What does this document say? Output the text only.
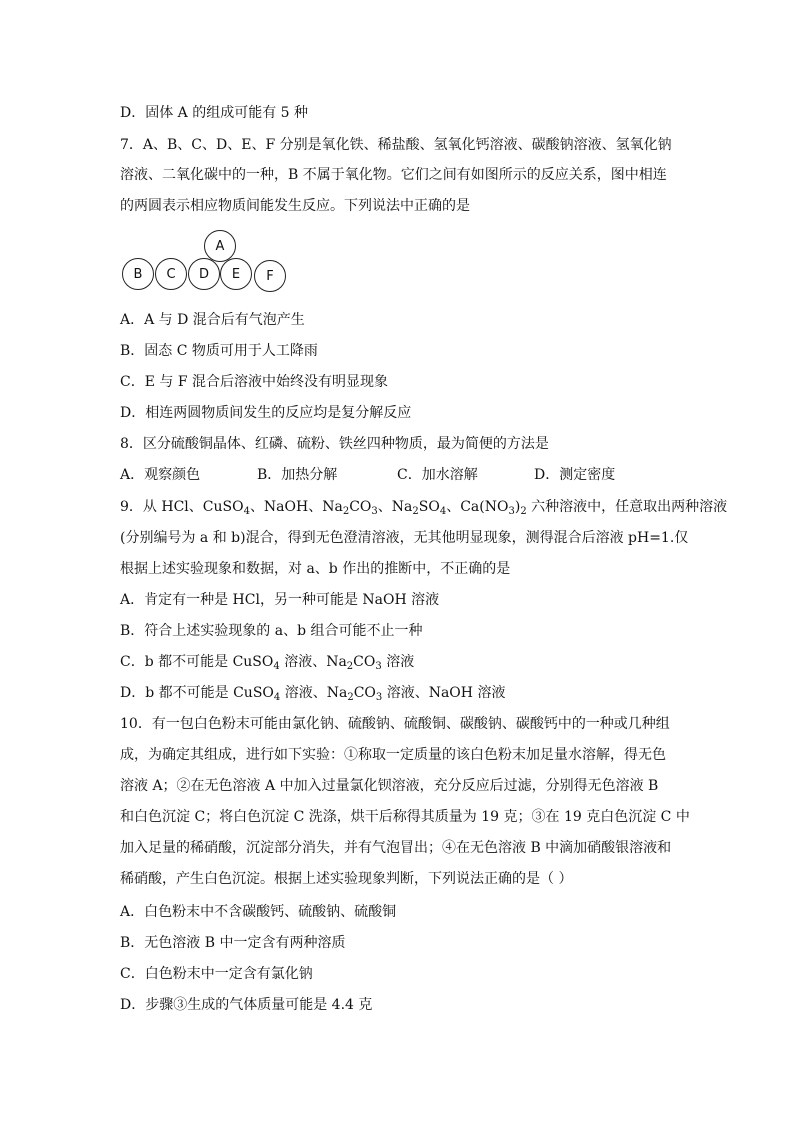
D．固体 A 的组成可能有 5 种
7．A、B、C、D、E、F 分别是氧化铁、稀盐酸、氢氧化钙溶液、碳酸钠溶液、氢氧化钠
溶液、二氧化碳中的一种，B 不属于氧化物。它们之间有如图所示的反应关系，图中相连
的两圆表示相应物质间能发生反应。下列说法中正确的是
A
B	C	D	E	F
A．A 与 D 混合后有气泡产生
B．固态 C 物质可用于人工降雨
C．E 与 F 混合后溶液中始终没有明显现象
D．相连两圆物质间发生的反应均是复分解反应
8．区分硫酸铜晶体、红磷、硫粉、铁丝四种物质，最为简便的方法是
A．观察颜色	B．加热分解	C．加水溶解	D．测定密度
9．从 HCl、CuSO$_4$、NaOH、$Na_2CO_3$、$Na_2SO_4$、$Ca(NO_3)_2$ 六种溶液中，任意取出两种溶液
(分别编号为 a 和 b)混合，得到无色澄清溶液，无其他明显现象，测得混合后溶液 pH=1.仅
根据上述实验现象和数据，对 a、b 作出的推断中，不正确的是
A．肯定有一种是 HCl，另一种可能是 NaOH 溶液
B．符合上述实验现象的 a、b 组合可能不止一种
C．b 都不可能是 CuSO$_4$ 溶液、$Na_2CO_3$ 溶液
D．b 都不可能是 CuSO$_4$ 溶液、$Na_2CO_3$ 溶液、NaOH 溶液
10．有一包白色粉末可能由氯化钠、硫酸钠、硫酸铜、碳酸钠、碳酸钙中的一种或几种组
成，为确定其组成，进行如下实验：①称取一定质量的该白色粉末加足量水溶解，得无色
溶液 A；②在无色溶液 A 中加入过量氯化钡溶液，充分反应后过滤，分别得无色溶液 B
和白色沉淀 C；将白色沉淀 C 洗涤，烘干后称得其质量为 19 克；③在 19 克白色沉淀 C 中
加入足量的稀硝酸，沉淀部分消失，并有气泡冒出；④在无色溶液 B 中滴加硝酸银溶液和
稀硝酸，产生白色沉淀。根据上述实验现象判断，下列说法正确的是（ ）
A．白色粉末中不含碳酸钙、硫酸钠、硫酸铜
B．无色溶液 B 中一定含有两种溶质
C．白色粉末中一定含有氯化钠
D．步骤③生成的气体质量可能是 4.4 克
